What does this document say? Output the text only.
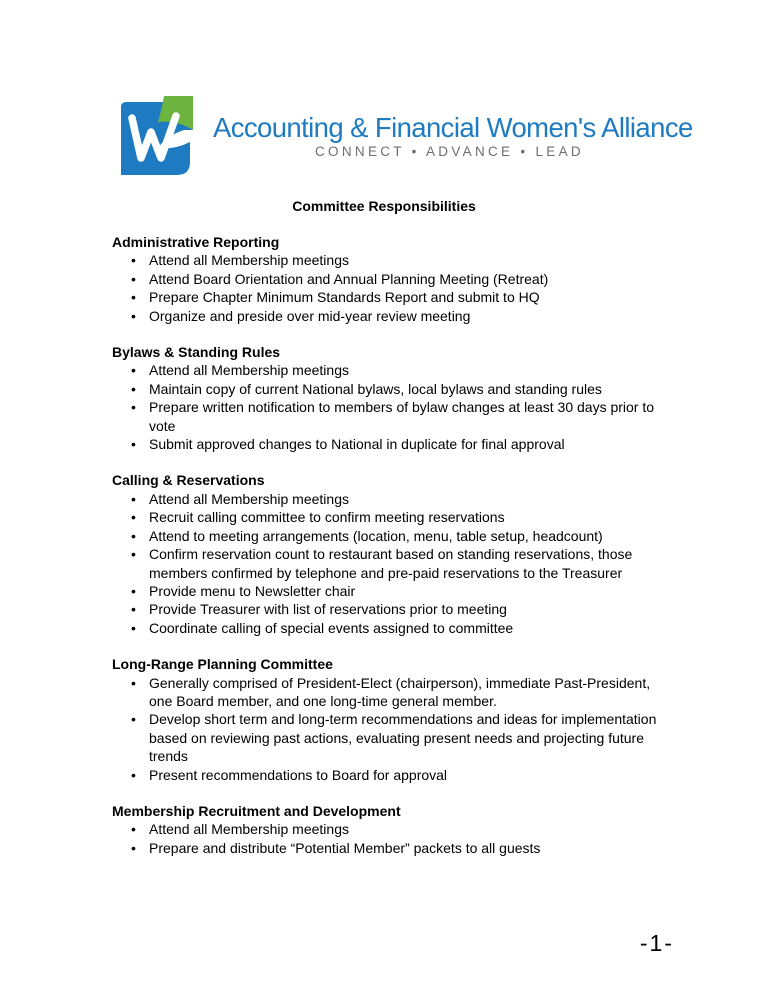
Accounting & Financial Women's Alliance
CONNECT • ADVANCE • LEAD
Committee Responsibilities
Administrative Reporting
• Attend all Membership meetings
• Attend Board Orientation and Annual Planning Meeting (Retreat)
• Prepare Chapter Minimum Standards Report and submit to HQ
• Organize and preside over mid-year review meeting
Bylaws & Standing Rules
• Attend all Membership meetings
• Maintain copy of current National bylaws, local bylaws and standing rules
• Prepare written notification to members of bylaw changes at least 30 days prior to vote
• Submit approved changes to National in duplicate for final approval
Calling & Reservations
• Attend all Membership meetings
• Recruit calling committee to confirm meeting reservations
• Attend to meeting arrangements (location, menu, table setup, headcount)
• Confirm reservation count to restaurant based on standing reservations, those members confirmed by telephone and pre-paid reservations to the Treasurer
• Provide menu to Newsletter chair
• Provide Treasurer with list of reservations prior to meeting
• Coordinate calling of special events assigned to committee
Long-Range Planning Committee
• Generally comprised of President-Elect (chairperson), immediate Past-President, one Board member, and one long-time general member.
• Develop short term and long-term recommendations and ideas for implementation based on reviewing past actions, evaluating present needs and projecting future trends
• Present recommendations to Board for approval
Membership Recruitment and Development
• Attend all Membership meetings
• Prepare and distribute “Potential Member” packets to all guests
-1-
